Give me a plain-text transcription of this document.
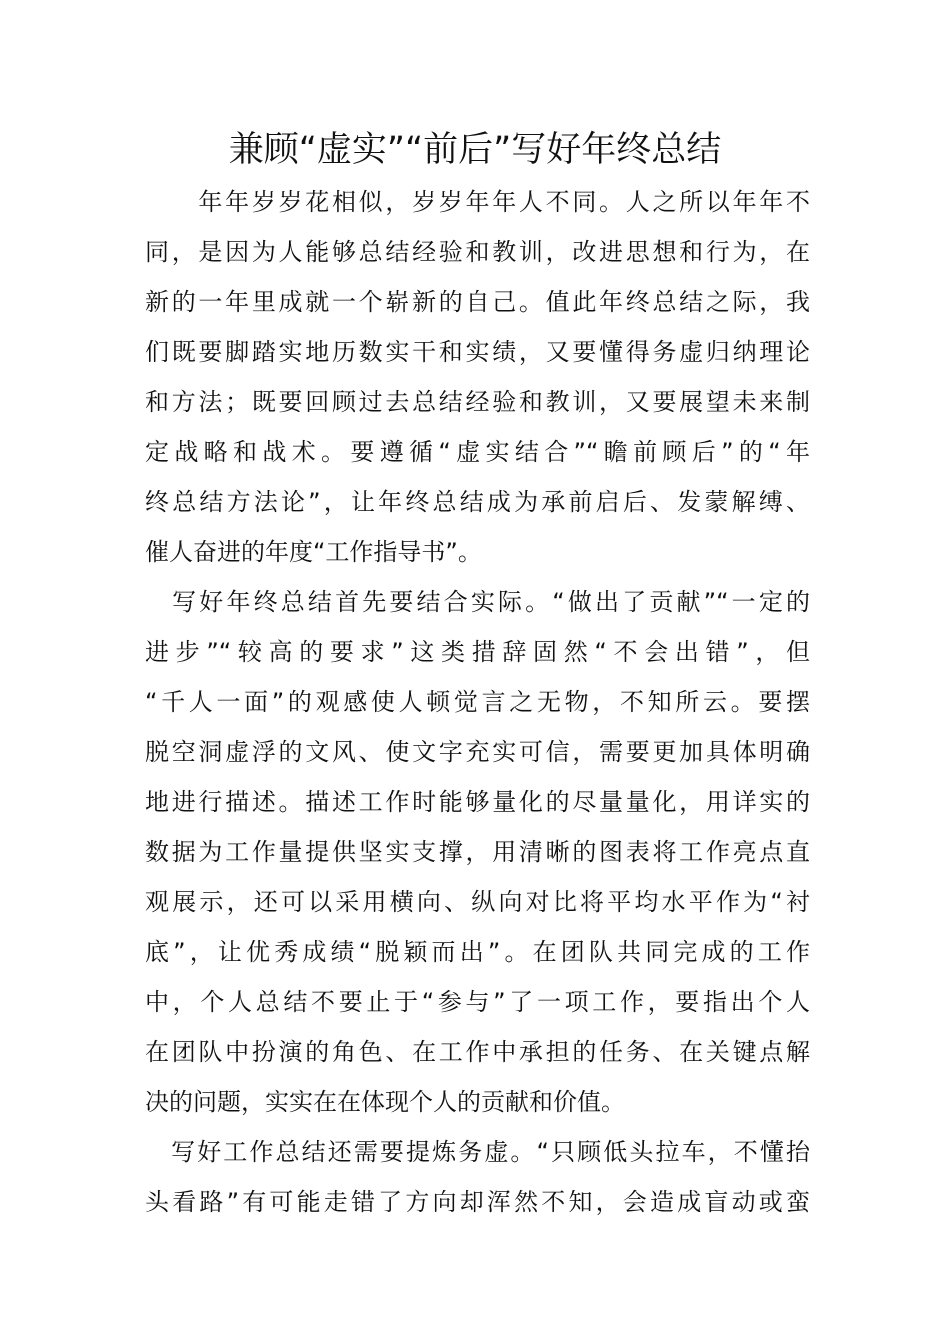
兼顾“虚实”“前后”写好年终总结
　　年年岁岁花相似，岁岁年年人不同。人之所以年年不
同，是因为人能够总结经验和教训，改进思想和行为，在
新的一年里成就一个崭新的自己。值此年终总结之际，我
们既要脚踏实地历数实干和实绩，又要懂得务虚归纳理论
和方法；既要回顾过去总结经验和教训，又要展望未来制
定战略和战术。要遵循“虚实结合”“瞻前顾后”的“年
终总结方法论”，让年终总结成为承前启后、发蒙解缚、
催人奋进的年度“工作指导书”。
　写好年终总结首先要结合实际。“做出了贡献”“一定的
进步”“较高的要求”这类措辞固然“不会出错”，但
“千人一面”的观感使人顿觉言之无物，不知所云。要摆
脱空洞虚浮的文风、使文字充实可信，需要更加具体明确
地进行描述。描述工作时能够量化的尽量量化，用详实的
数据为工作量提供坚实支撑，用清晰的图表将工作亮点直
观展示，还可以采用横向、纵向对比将平均水平作为“衬
底”，让优秀成绩“脱颖而出”。在团队共同完成的工作
中，个人总结不要止于“参与”了一项工作，要指出个人
在团队中扮演的角色、在工作中承担的任务、在关键点解
决的问题，实实在在体现个人的贡献和价值。
　写好工作总结还需要提炼务虚。“只顾低头拉车，不懂抬
头看路”有可能走错了方向却浑然不知，会造成盲动或蛮
